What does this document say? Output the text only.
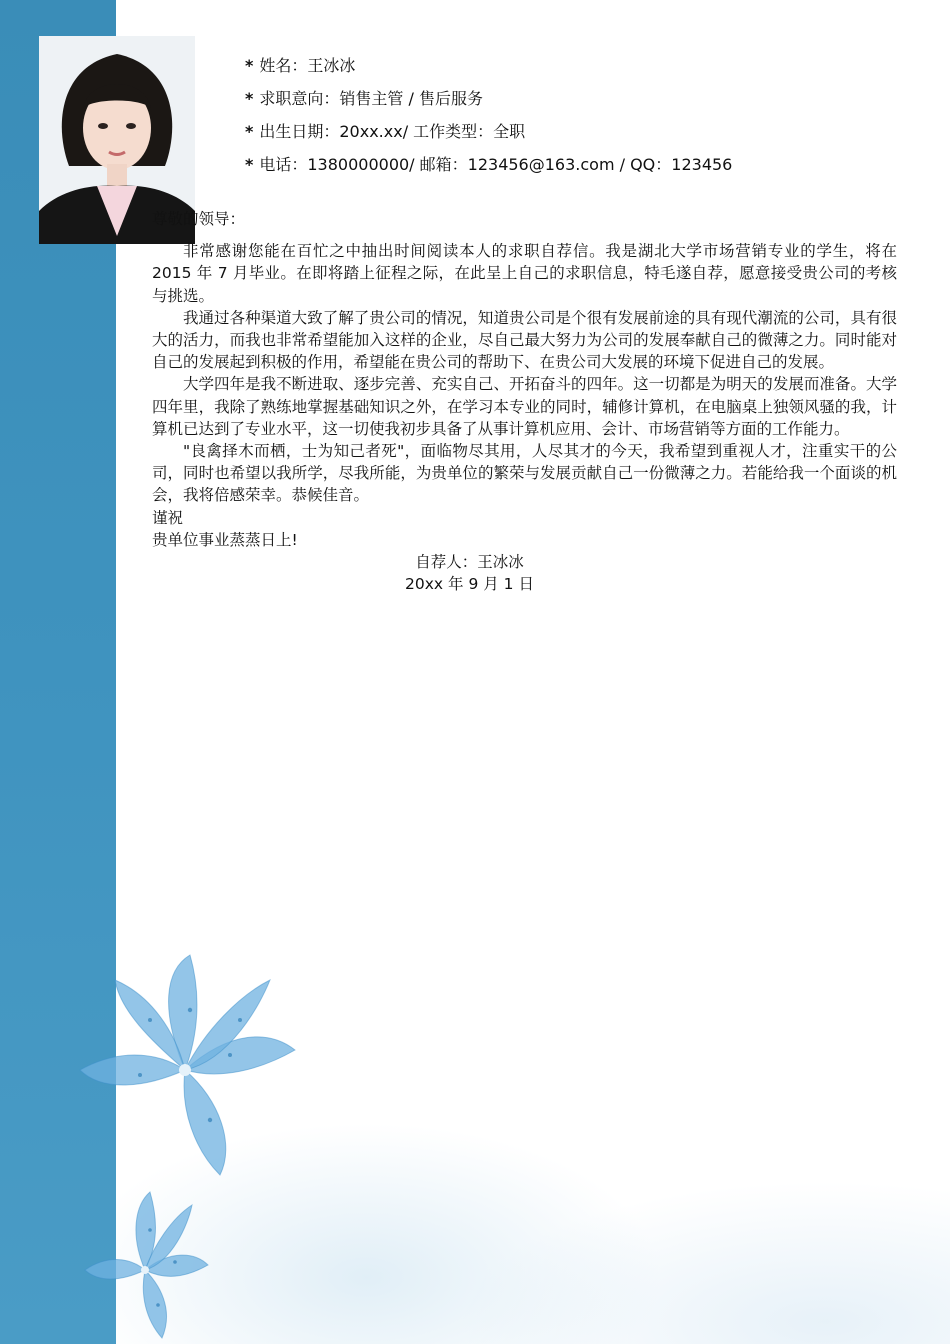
* 姓名：王冰冰
* 求职意向：销售主管 / 售后服务
* 出生日期：20xx.xx/ 工作类型：全职
* 电话：1380000000/ 邮箱：123456@163.com / QQ：123456

尊敬的领导：

非常感谢您能在百忙之中抽出时间阅读本人的求职自荐信。我是湖北大学市场营销专业的学生，将在 2015 年 7 月毕业。在即将踏上征程之际，在此呈上自己的求职信息，特毛遂自荐，愿意接受贵公司的考核与挑选。

我通过各种渠道大致了解了贵公司的情况，知道贵公司是个很有发展前途的具有现代潮流的公司，具有很大的活力，而我也非常希望能加入这样的企业，尽自己最大努力为公司的发展奉献自己的微薄之力。同时能对自己的发展起到积极的作用，希望能在贵公司的帮助下、在贵公司大发展的环境下促进自己的发展。

大学四年是我不断进取、逐步完善、充实自己、开拓奋斗的四年。这一切都是为明天的发展而准备。大学四年里，我除了熟练地掌握基础知识之外，在学习本专业的同时，辅修计算机，在电脑桌上独领风骚的我，计算机已达到了专业水平，这一切使我初步具备了从事计算机应用、会计、市场营销等方面的工作能力。

"良禽择木而栖，士为知己者死"，面临物尽其用，人尽其才的今天，我希望到重视人才，注重实干的公司，同时也希望以我所学，尽我所能，为贵单位的繁荣与发展贡献自己一份微薄之力。若能给我一个面谈的机会，我将倍感荣幸。恭候佳音。

谨祝

贵单位事业蒸蒸日上!

自荐人：王冰冰

20xx 年 9 月 1 日
